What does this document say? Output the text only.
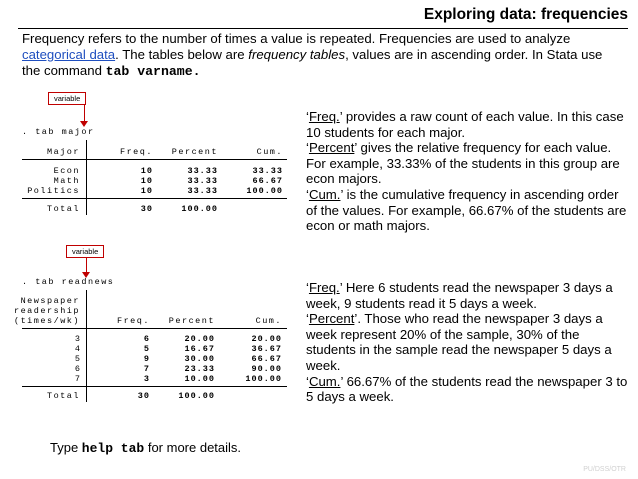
Exploring data: frequencies
Frequency refers to the number of times a value is repeated. Frequencies are used to analyze categorical data. The tables below are frequency tables, values are in ascending order. In Stata use the command tab varname.
variable
. tab major
Major	Freq.	Percent	Cum.
Econ	10	33.33	33.33
Math	10	33.33	66.67
Politics	10	33.33	100.00
Total	30	100.00
variable
. tab readnews
Newspaper
readership
(times/wk)	Freq.	Percent	Cum.
3	6	20.00	20.00
4	5	16.67	36.67
5	9	30.00	66.67
6	7	23.33	90.00
7	3	10.00	100.00
Total	30	100.00

‘Freq.’ provides a raw count of each value. In this case 10 students for each major.

‘Percent’ gives the relative frequency for each value. For example, 33.33% of the students in this group are econ majors.

‘Cum.’ is the cumulative frequency in ascending order of the values. For example, 66.67% of the students are econ or math majors.

‘Freq.’ Here 6 students read the newspaper 3 days a week, 9 students read it 5 days a week.

‘Percent’. Those who read the newspaper 3 days a week represent 20% of the sample, 30% of the students in the sample read the newspaper 5 days a week.

‘Cum.’ 66.67% of the students read the newspaper 3 to 5 days a week.

Type help tab for more details.
PU/DSS/OTR
